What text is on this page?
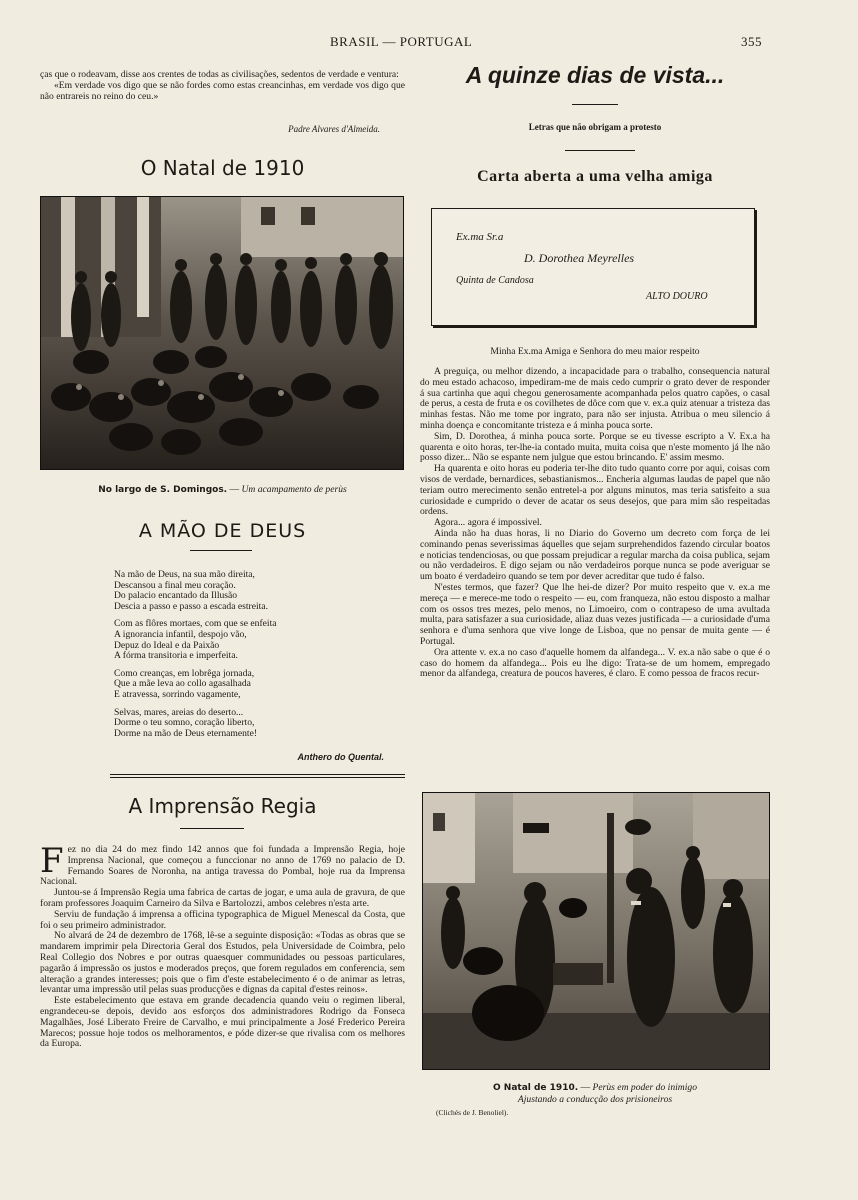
BRASIL — PORTUGAL	355

ças que o rodeavam, disse aos crentes de todas as civilisações, sedentos de verdade e ventura:

«Em verdade vos digo que se não fordes como estas creancinhas, em verdade vos digo que não entrareis no reino do ceu.»

Padre Alvares d'Almeida.
O Natal de 1910
No largo de S. Domingos. — Um acampamento de perùs
A MÃO DE DEUS
Na mão de Deus, na sua mão direita,
Descansou a final meu coração.
Do palacio encantado da Illusão
Descia a passo e passo a escada estreita.
Com as flôres mortaes, com que se enfeita
A ignorancia infantil, despojo vão,
Depuz do Ideal e da Paixão
A fórma transitoria e imperfeita.
Como creanças, em lobrêga jornada,
Que a mãe leva ao collo agasalhada
E atravessa, sorrindo vagamente,
Selvas, mares, areias do deserto...
Dorme o teu somno, coração liberto,
Dorme na mão de Deus eternamente!
Anthero do Quental.
A Imprensão Regia

Fez no dia 24 do mez findo 142 annos que foi fundada a Imprensão Regia, hoje Imprensa Nacional, que começou a funccionar no anno de 1769 no palacio de D. Fernando Soares de Noronha, na antiga travessa do Pombal, hoje rua da Imprensa Nacional.

Juntou-se á Imprensão Regia uma fabrica de cartas de jogar, e uma aula de gravura, de que foram professores Joaquim Carneiro da Silva e Bartolozzi, ambos celebres n'esta arte.

Serviu de fundação á imprensa a officina typographica de Miguel Menescal da Costa, que foi o seu primeiro administrador.

No alvará de 24 de dezembro de 1768, lê-se a seguinte disposição: «Todas as obras que se mandarem imprimir pela Directoria Geral dos Estudos, pela Universidade de Coimbra, pelo Real Collegio dos Nobres e por outras quaesquer communidades ou pessoas particulares, pagarão á impressão os justos e moderados preços, que forem regulados em conferencia, sem alteração a grandes interesses; pois que o fim d'este estabelecimento é o de animar as letras, levantar uma impressão util pelas suas producções e dignas da capital d'estes reinos».

Este estabelecimento que estava em grande decadencia quando veiu o regimen liberal, engrandeceu-se depois, devido aos esforços dos administradores Rodrigo da Fonseca Magalhães, José Liberato Freire de Carvalho, e mui principalmente a José Frederico Pereira Marecos; possue hoje todos os melhoramentos, e póde dizer-se que rivalisa com os melhores da Europa.

A quinze dias de vista...
Letras que não obrigam a protesto
Carta aberta a uma velha amiga
Ex.ma Sr.a
D. Dorothea Meyrelles
Quinta de Candosa
ALTO DOURO
Minha Ex.ma Amiga e Senhora do meu maior respeito

A preguiça, ou melhor dizendo, a incapacidade para o trabalho, consequencia natural do meu estado achacoso, impediram-me de mais cedo cumprir o grato dever de responder á sua cartinha que aqui chegou generosamente acompanhada pelos quatro capões, o casal de perus, a cesta de fruta e os covilhetes de dôce com que v. ex.a quiz atenuar a tristeza das minhas festas. Não me tome por ingrato, para não ser injusta. Atribua o meu silencio á minha doença e concomitante tristeza e á minha pouca sorte.

Sim, D. Dorothea, á minha pouca sorte. Porque se eu tivesse escripto a V. Ex.a ha quarenta e oito horas, ter-lhe-ia contado muita, muita coisa que n'este momento já lhe não posso dizer... Não se espante nem julgue que estou brincando. E' assim mesmo.

Ha quarenta e oito horas eu poderia ter-lhe dito tudo quanto corre por aqui, coisas com visos de verdade, bernardices, sebastianismos... Encheria algumas laudas de papel que não teriam outro merecimento senão entretel-a por alguns minutos, mas teria satisfeito a sua curiosidade e cumprido o dever de acatar os seus desejos, que para mim são respeitadas ordens.

Agora... agora é impossivel.

Ainda não ha duas horas, li no Diario do Governo um decreto com força de lei cominando penas severissimas áquelles que sejam surprehendidos fazendo circular boatos e noticias tendenciosas, ou que possam prejudicar a regular marcha da coisa publica, sejam ou não verdadeiros. E digo sejam ou não verdadeiros porque nunca se pode averiguar se um boato é verdadeiro quando se tem por dever acreditar que tudo é falso.

N'estes termos, que fazer? Que lhe hei-de dizer? Por muito respeito que v. ex.a me mereça — e merece-me todo o respeito — eu, com franqueza, não estou disposto a malhar com os ossos tres mezes, pelo menos, no Limoeiro, com o contrapeso de uma avultada multa, para satisfazer a sua curiosidade, aliaz duas vezes justificada — a curiosidade d'uma senhora e d'uma senhora que vive longe de Lisboa, que no pensar de muita gente — é Portugal.

Ora attente v. ex.a no caso d'aquelle homem da alfandega... V. ex.a não sabe o que é o caso do homem da alfandega... Pois eu lhe digo: Trata-se de um homem, empregado menor da alfandega, creatura de poucos haveres, é claro. E como pessoa de fracos recur-

O Natal de 1910. — Perùs em poder do inimigo
Ajustando a conducção dos prisioneiros
(Clichés de J. Benoliel).
